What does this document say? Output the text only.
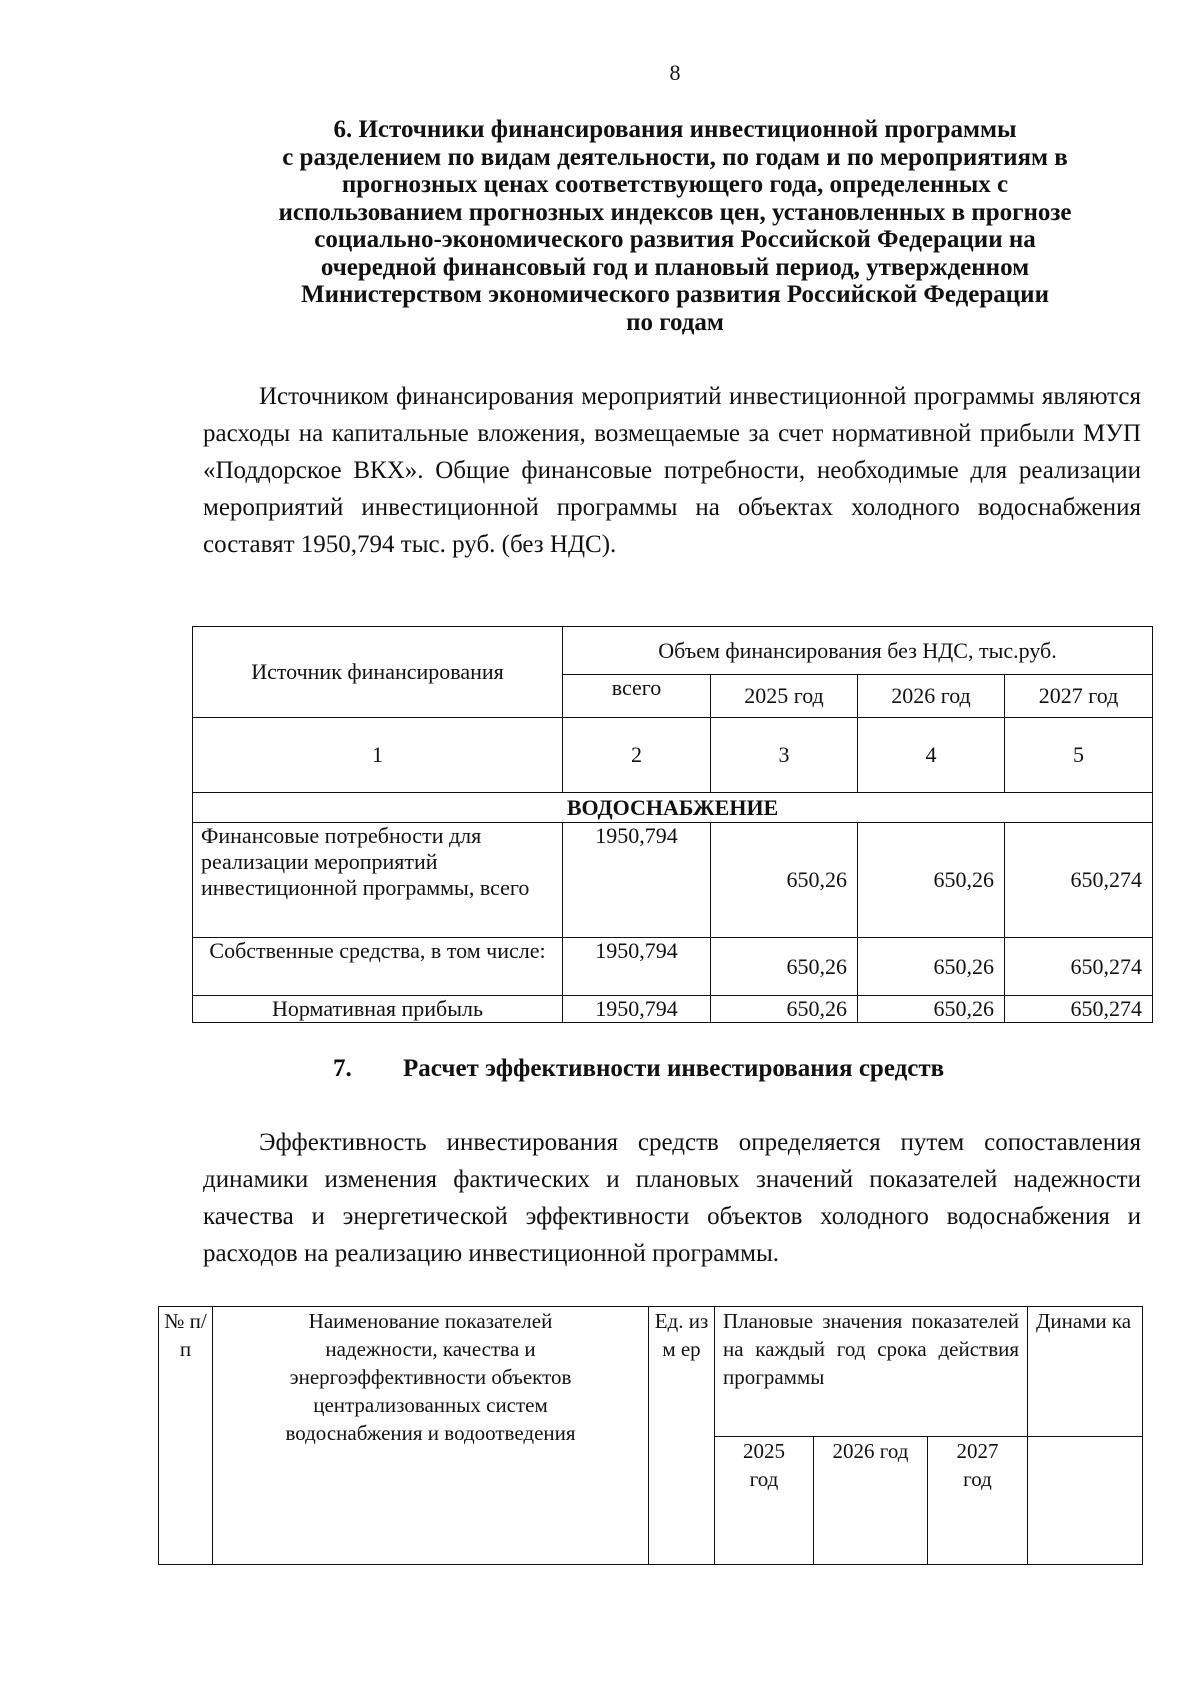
8
6. Источники финансирования инвестиционной программы
с разделением по видам деятельности, по годам и по мероприятиям в
прогнозных ценах соответствующего года, определенных с
использованием прогнозных индексов цен, установленных в прогнозе
социально-экономического развития Российской Федерации на
очередной финансовый год и плановый период, утвержденном
Министерством экономического развития Российской Федерации
по годам

Источником финансирования мероприятий инвестиционной программы являются расходы на капитальные вложения, возмещаемые за счет нормативной прибыли МУП «Поддорское ВКХ». Общие финансовые потребности, необходимые для реализации мероприятий инвестиционной программы на объектах холодного водоснабжения составят 1950,794 тыс. руб. (без НДС).

Источник финансирования	Объем финансирования без НДС, тыс.руб.			
	всего	2025 год	2026 год	2027 год
1	2	3	4	5
ВОДОСНАБЖЕНИЕ				
Финансовые потребности для реализации мероприятий инвестиционной программы, всего	1950,794	650,26	650,26	650,274
Собственные средства, в том числе:	1950,794	650,26	650,26	650,274
Нормативная прибыль	1950,794	650,26	650,26	650,274
7. Расчет эффективности инвестирования средств

Эффективность инвестирования средств определяется путем сопоставления динамики изменения фактических и плановых значений показателей надежности качества и энергетической эффективности объектов холодного водоснабжения и расходов на реализацию инвестиционной программы.

№ п/ п	Наименование показателей надежности, качества и энергоэффективности объектов централизованных систем водоснабжения и водоотведения	Ед. изм ер	Плановые значения показателей на каждый год срока действия программы			Динами ка
			2025 год	2026 год	2027 год	
